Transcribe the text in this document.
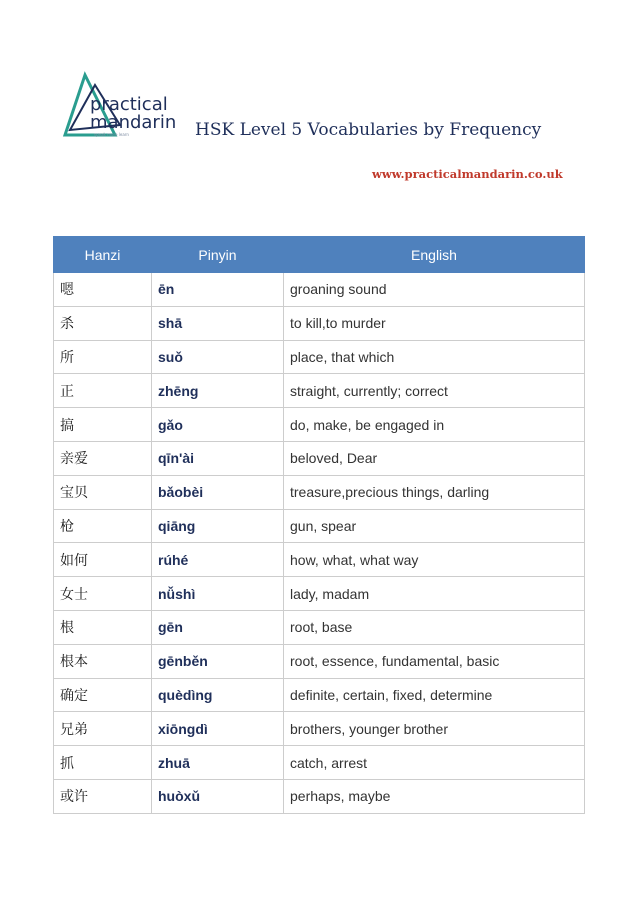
practical
mandarin
speak more learn	HSK Level 5 Vocabularies by Frequency
www.practicalmandarin.co.uk
Hanzi	Pinyin	English
嗯	ēn	groaning sound
杀	shā	to kill,to murder
所	suǒ	place, that which
正	zhēng	straight, currently; correct
搞	gǎo	do, make, be engaged in
亲爱	qīn'ài	beloved, Dear
宝贝	bǎobèi	treasure,precious things, darling
枪	qiāng	gun, spear
如何	rúhé	how, what, what way
女士	nǚshì	lady, madam
根	gēn	root, base
根本	gēnběn	root, essence, fundamental, basic
确定	quèdìng	definite, certain, fixed, determine
兄弟	xiōngdì	brothers, younger brother
抓	zhuā	catch, arrest
或许	huòxǔ	perhaps, maybe
